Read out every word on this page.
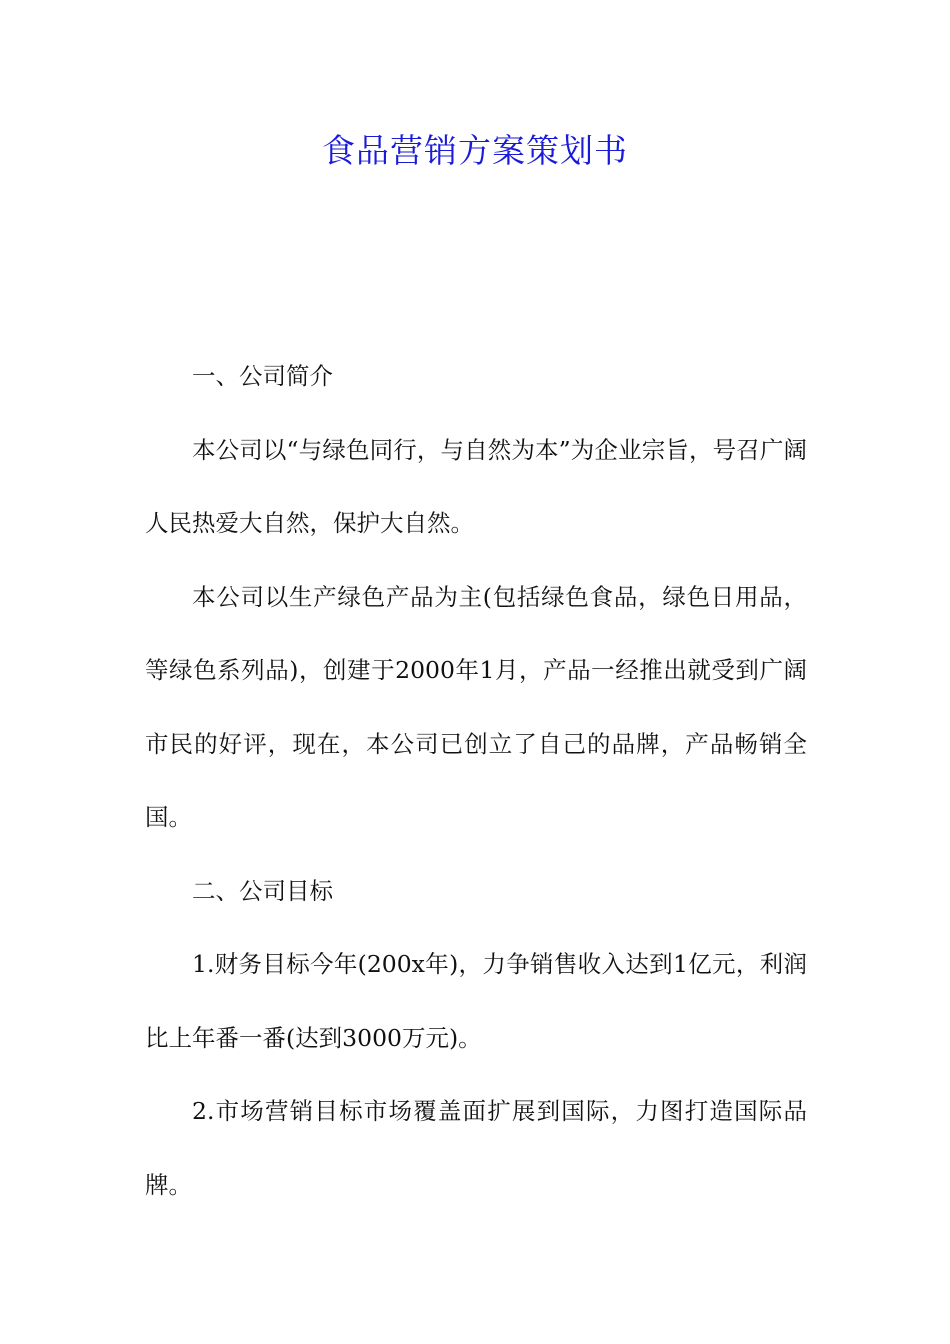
食品营销方案策划书

一、公司简介

本公司以“与绿色同行，与自然为本”为企业宗旨，号召广阔人民热爱大自然，保护大自然。

本公司以生产绿色产品为主(包括绿色食品，绿色日用品，等绿色系列品)，创建于2000年1月，产品一经推出就受到广阔市民的好评，现在，本公司已创立了自己的品牌，产品畅销全国。

二、公司目标

1.财务目标今年(200x年)，力争销售收入达到1亿元，利润比上年番一番(达到3000万元)。

2.市场营销目标市场覆盖面扩展到国际，力图打造国际品牌。
